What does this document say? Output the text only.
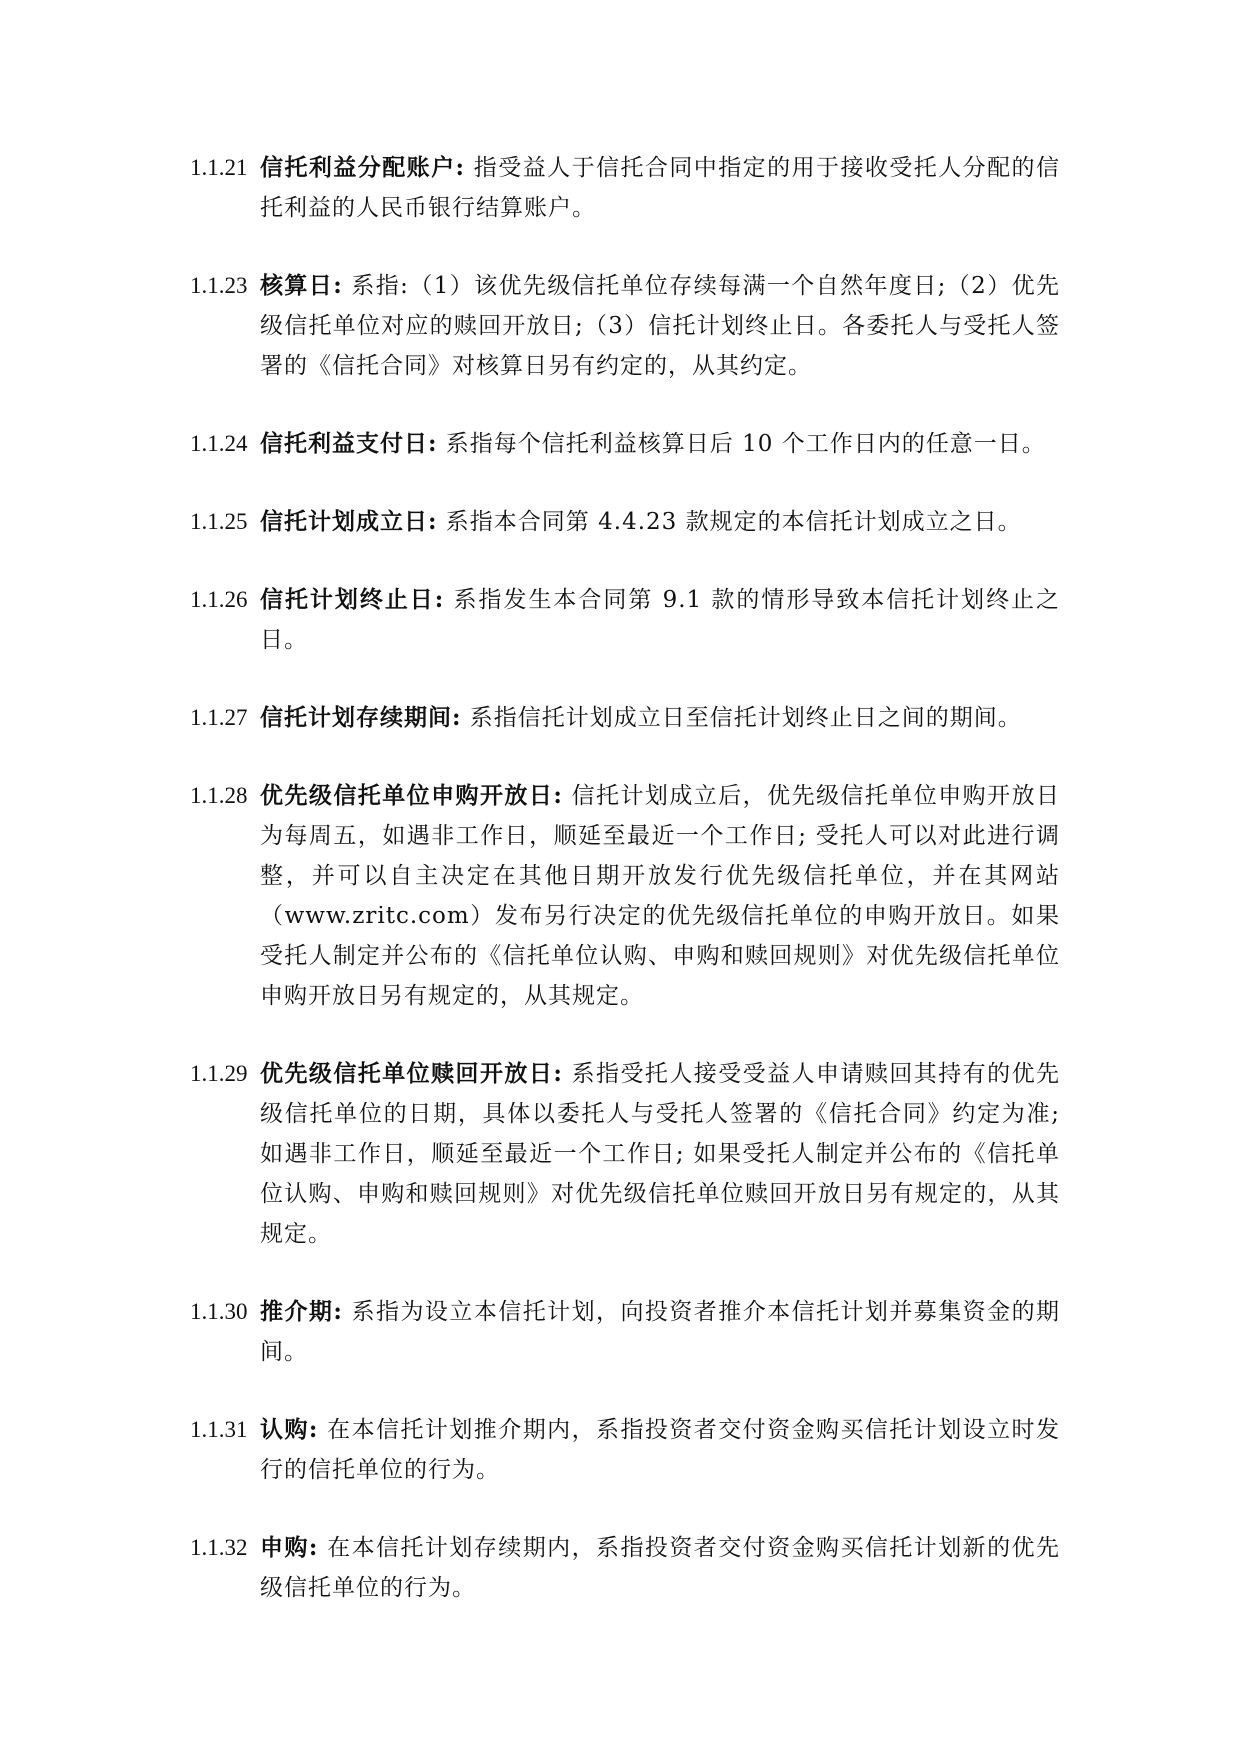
1.1.21 信托利益分配账户: 指受益人于信托合同中指定的用于接收受托人分配的信托利益的人民币银行结算账户。
1.1.23 核算日: 系指:（1）该优先级信托单位存续每满一个自然年度日;（2）优先级信托单位对应的赎回开放日;（3）信托计划终止日。各委托人与受托人签署的《信托合同》对核算日另有约定的，从其约定。
1.1.24 信托利益支付日: 系指每个信托利益核算日后 10 个工作日内的任意一日。
1.1.25 信托计划成立日: 系指本合同第 4.4.23 款规定的本信托计划成立之日。
1.1.26 信托计划终止日: 系指发生本合同第 9.1 款的情形导致本信托计划终止之日。
1.1.27 信托计划存续期间: 系指信托计划成立日至信托计划终止日之间的期间。
1.1.28 优先级信托单位申购开放日: 信托计划成立后，优先级信托单位申购开放日为每周五，如遇非工作日，顺延至最近一个工作日; 受托人可以对此进行调整，并可以自主决定在其他日期开放发行优先级信托单位，并在其网站（www.zritc.com）发布另行决定的优先级信托单位的申购开放日。如果受托人制定并公布的《信托单位认购、申购和赎回规则》对优先级信托单位申购开放日另有规定的，从其规定。
1.1.29 优先级信托单位赎回开放日: 系指受托人接受受益人申请赎回其持有的优先级信托单位的日期，具体以委托人与受托人签署的《信托合同》约定为准; 如遇非工作日，顺延至最近一个工作日; 如果受托人制定并公布的《信托单位认购、申购和赎回规则》对优先级信托单位赎回开放日另有规定的，从其规定。
1.1.30 推介期: 系指为设立本信托计划，向投资者推介本信托计划并募集资金的期间。
1.1.31 认购: 在本信托计划推介期内，系指投资者交付资金购买信托计划设立时发行的信托单位的行为。
1.1.32 申购: 在本信托计划存续期内，系指投资者交付资金购买信托计划新的优先级信托单位的行为。
